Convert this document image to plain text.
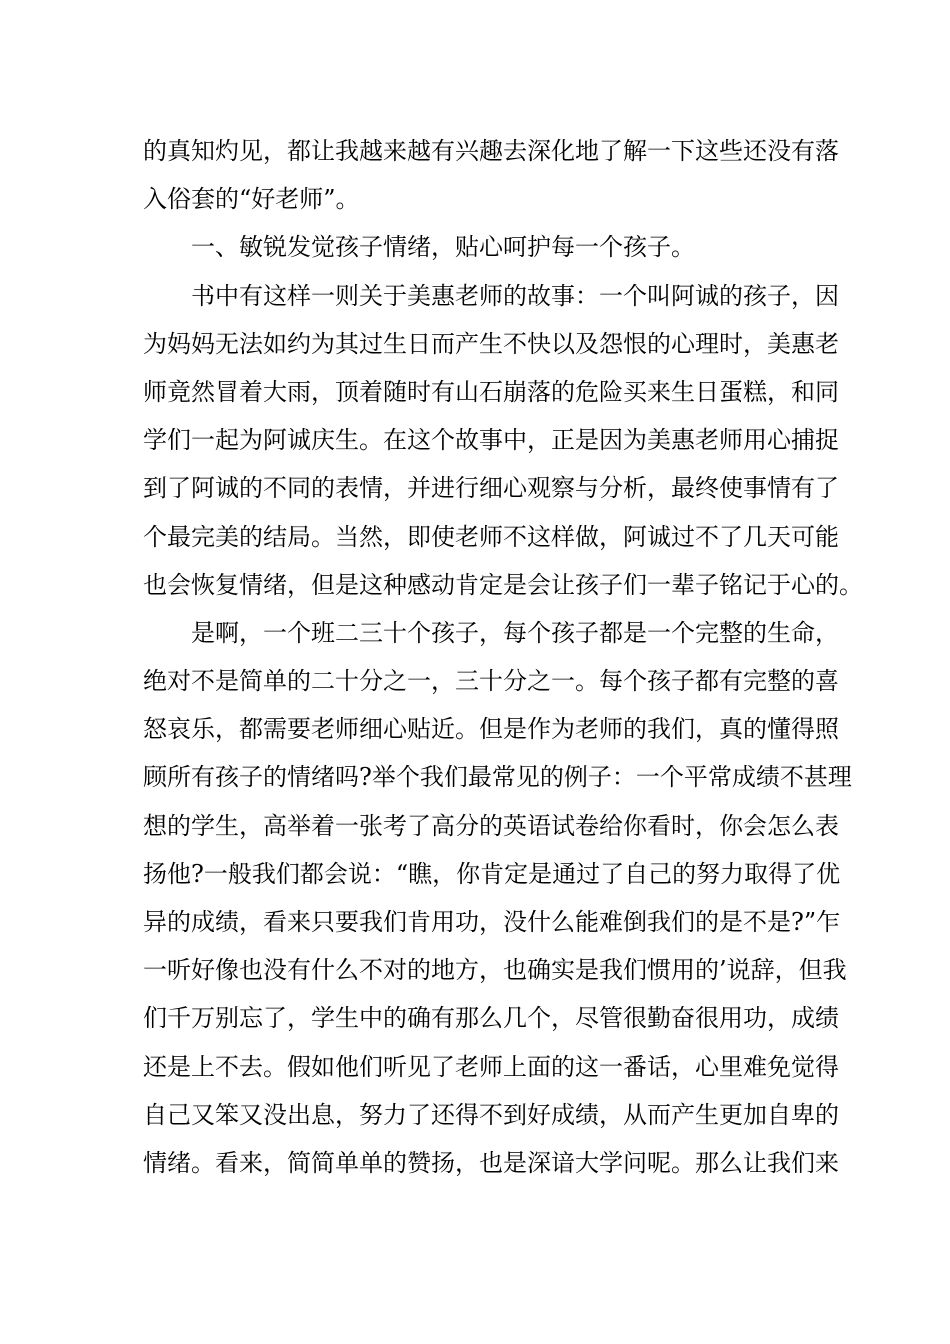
的真知灼见，都让我越来越有兴趣去深化地了解一下这些还没有落
入俗套的“好老师”。
一、敏锐发觉孩子情绪，贴心呵护每一个孩子。
书中有这样一则关于美惠老师的故事：一个叫阿诚的孩子，因
为妈妈无法如约为其过生日而产生不快以及怨恨的心理时，美惠老
师竟然冒着大雨，顶着随时有山石崩落的危险买来生日蛋糕，和同
学们一起为阿诚庆生。在这个故事中，正是因为美惠老师用心捕捉
到了阿诚的不同的表情，并进行细心观察与分析，最终使事情有了
个最完美的结局。当然，即使老师不这样做，阿诚过不了几天可能
也会恢复情绪，但是这种感动肯定是会让孩子们一辈子铭记于心的。
是啊，一个班二三十个孩子，每个孩子都是一个完整的生命，
绝对不是简单的二十分之一，三十分之一。每个孩子都有完整的喜
怒哀乐，都需要老师细心贴近。但是作为老师的我们，真的懂得照
顾所有孩子的情绪吗?举个我们最常见的例子：一个平常成绩不甚理
想的学生，高举着一张考了高分的英语试卷给你看时，你会怎么表
扬他?一般我们都会说：“瞧，你肯定是通过了自己的努力取得了优
异的成绩，看来只要我们肯用功，没什么能难倒我们的是不是?”乍
一听好像也没有什么不对的地方，也确实是我们惯用的’说辞，但我
们千万别忘了，学生中的确有那么几个，尽管很勤奋很用功，成绩
还是上不去。假如他们听见了老师上面的这一番话，心里难免觉得
自己又笨又没出息，努力了还得不到好成绩，从而产生更加自卑的
情绪。看来，简简单单的赞扬，也是深谙大学问呢。那么让我们来
